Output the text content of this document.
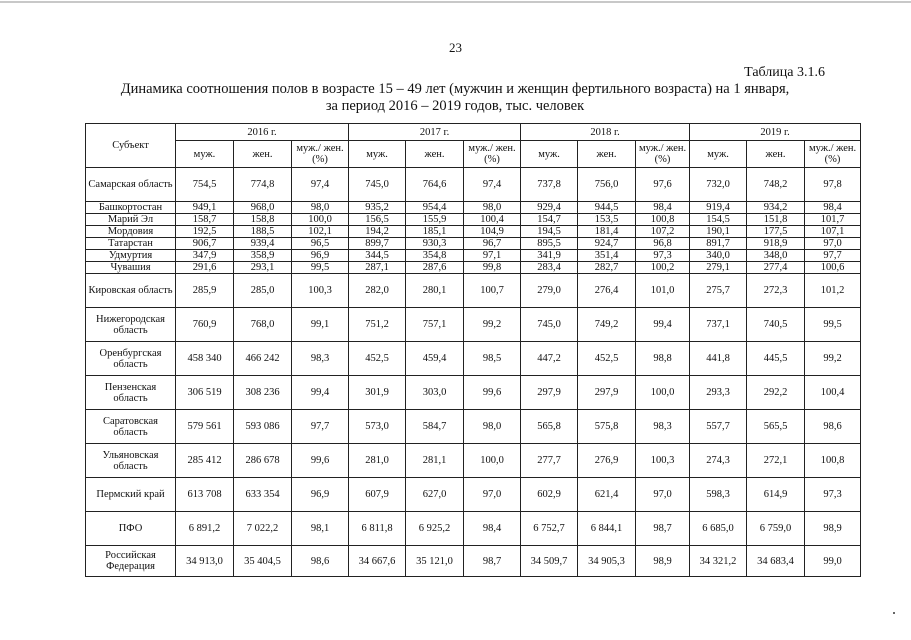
23
Таблица 3.1.6
Динамика соотношения полов в возрасте 15 – 49 лет (мужчин и женщин фертильного возраста) на 1 января,
за период 2016 – 2019 годов, тыс. человек
Субъект	2016 г.			2017 г.			2018 г.			2019 г.		
	муж.	жен.	муж./ жен. (%)	муж.	жен.	муж./ жен. (%)	муж.	жен.	муж./ жен.(%)	муж.	жен.	муж./ жен. (%)
Самарская область	754,5	774,8	97,4	745,0	764,6	97,4	737,8	756,0	97,6	732,0	748,2	97,8
Башкортостан	949,1	968,0	98,0	935,2	954,4	98,0	929,4	944,5	98,4	919,4	934,2	98,4
Марий Эл	158,7	158,8	100,0	156,5	155,9	100,4	154,7	153,5	100,8	154,5	151,8	101,7
Мордовия	192,5	188,5	102,1	194,2	185,1	104,9	194,5	181,4	107,2	190,1	177,5	107,1
Татарстан	906,7	939,4	96,5	899,7	930,3	96,7	895,5	924,7	96,8	891,7	918,9	97,0
Удмуртия	347,9	358,9	96,9	344,5	354,8	97,1	341,9	351,4	97,3	340,0	348,0	97,7
Чувашия	291,6	293,1	99,5	287,1	287,6	99,8	283,4	282,7	100,2	279,1	277,4	100,6
Кировская область	285,9	285,0	100,3	282,0	280,1	100,7	279,0	276,4	101,0	275,7	272,3	101,2
Нижегородская область	760,9	768,0	99,1	751,2	757,1	99,2	745,0	749,2	99,4	737,1	740,5	99,5
Оренбургская область	458 340	466 242	98,3	452,5	459,4	98,5	447,2	452,5	98,8	441,8	445,5	99,2
Пензенская область	306 519	308 236	99,4	301,9	303,0	99,6	297,9	297,9	100,0	293,3	292,2	100,4
Саратовская область	579 561	593 086	97,7	573,0	584,7	98,0	565,8	575,8	98,3	557,7	565,5	98,6
Ульяновская область	285 412	286 678	99,6	281,0	281,1	100,0	277,7	276,9	100,3	274,3	272,1	100,8
Пермский край	613 708	633 354	96,9	607,9	627,0	97,0	602,9	621,4	97,0	598,3	614,9	97,3
ПФО	6 891,2	7 022,2	98,1	6 811,8	6 925,2	98,4	6 752,7	6 844,1	98,7	6 685,0	6 759,0	98,9
Российская Федерация	34 913,0	35 404,5	98,6	34 667,6	35 121,0	98,7	34 509,7	34 905,3	98,9	34 321,2	34 683,4	99,0
